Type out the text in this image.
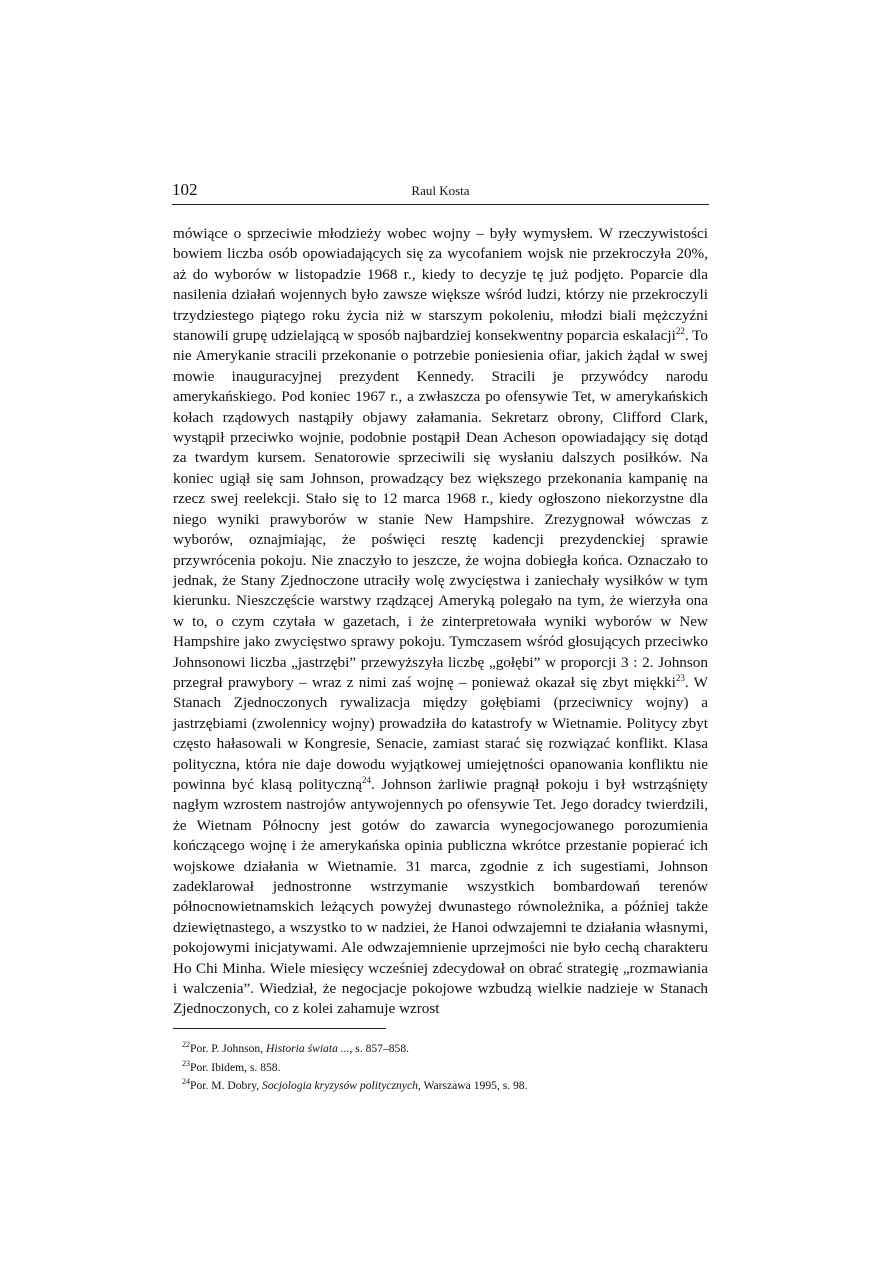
102	Raul Kosta

mówiące o sprzeciwie młodzieży wobec wojny – były wymysłem. W rzeczywistości bowiem liczba osób opowiadających się za wycofaniem wojsk nie przekroczyła 20%, aż do wyborów w listopadzie 1968 r., kiedy to decyzje tę już podjęto. Poparcie dla nasilenia działań wojennych było zawsze większe wśród ludzi, którzy nie przekroczyli trzydziestego piątego roku życia niż w starszym pokoleniu, młodzi biali mężczyźni stanowili grupę udzielającą w sposób najbardziej konsekwentny poparcia eskalacji$^{22}$. To nie Amerykanie stracili przekonanie o potrzebie poniesienia ofiar, jakich żądał w swej mowie inauguracyjnej prezydent Kennedy. Stracili je przywódcy narodu amerykańskiego. Pod koniec 1967 r., a zwłaszcza po ofensywie Tet, w amerykańskich kołach rządowych nastąpiły objawy załamania. Sekretarz obrony, Clifford Clark, wystąpił przeciwko wojnie, podobnie postąpił Dean Acheson opowiadający się dotąd za twardym kursem. Senatorowie sprzeciwili się wysłaniu dalszych posiłków. Na koniec ugiął się sam Johnson, prowadzący bez większego przekonania kampanię na rzecz swej reelekcji. Stało się to 12 marca 1968 r., kiedy ogłoszono niekorzystne dla niego wyniki prawyborów w stanie New Hampshire. Zrezygnował wówczas z wyborów, oznajmiając, że poświęci resztę kadencji prezydenckiej sprawie przywrócenia pokoju. Nie znaczyło to jeszcze, że wojna dobiegła końca. Oznaczało to jednak, że Stany Zjednoczone utraciły wolę zwycięstwa i zaniechały wysiłków w tym kierunku. Nieszczęście warstwy rządzącej Ameryką polegało na tym, że wierzyła ona w to, o czym czytała w gazetach, i że zinterpretowała wyniki wyborów w New Hampshire jako zwycięstwo sprawy pokoju. Tymczasem wśród głosujących przeciwko Johnsonowi liczba „jastrzębi” przewyższyła liczbę „gołębi” w proporcji 3 : 2. Johnson przegrał prawybory – wraz z nimi zaś wojnę – ponieważ okazał się zbyt miękki$^{23}$. W Stanach Zjednoczonych rywalizacja między gołębiami (przeciwnicy wojny) a jastrzębiami (zwolennicy wojny) prowadziła do katastrofy w Wietnamie. Politycy zbyt często hałasowali w Kongresie, Senacie, zamiast starać się rozwiązać konflikt. Klasa polityczna, która nie daje dowodu wyjątkowej umiejętności opanowania konfliktu nie powinna być klasą polityczną$^{24}$. Johnson żarliwie pragnął pokoju i był wstrząśnięty nagłym wzrostem nastrojów antywojennych po ofensywie Tet. Jego doradcy twierdzili, że Wietnam Północny jest gotów do zawarcia wynegocjowanego porozumienia kończącego wojnę i że amerykańska opinia publiczna wkrótce przestanie popierać ich wojskowe działania w Wietnamie. 31 marca, zgodnie z ich sugestiami, Johnson zadeklarował jednostronne wstrzymanie wszystkich bombardowań terenów północnowietnamskich leżących powyżej dwunastego równoleżnika, a później także dziewiętnastego, a wszystko to w nadziei, że Hanoi odwzajemni te działania własnymi, pokojowymi inicjatywami. Ale odwzajemnienie uprzejmości nie było cechą charakteru Ho Chi Minha. Wiele miesięcy wcześniej zdecydował on obrać strategię „rozmawiania i walczenia”. Wiedział, że negocjacje pokojowe wzbudzą wielkie nadzieje w Stanach Zjednoczonych, co z kolei zahamuje wzrost

$^{22}$Por. P. Johnson, Historia świata ..., s. 857–858.
$^{23}$Por. Ibidem, s. 858.
$^{24}$Por. M. Dobry, Socjologia kryzysów politycznych, Warszawa 1995, s. 98.
